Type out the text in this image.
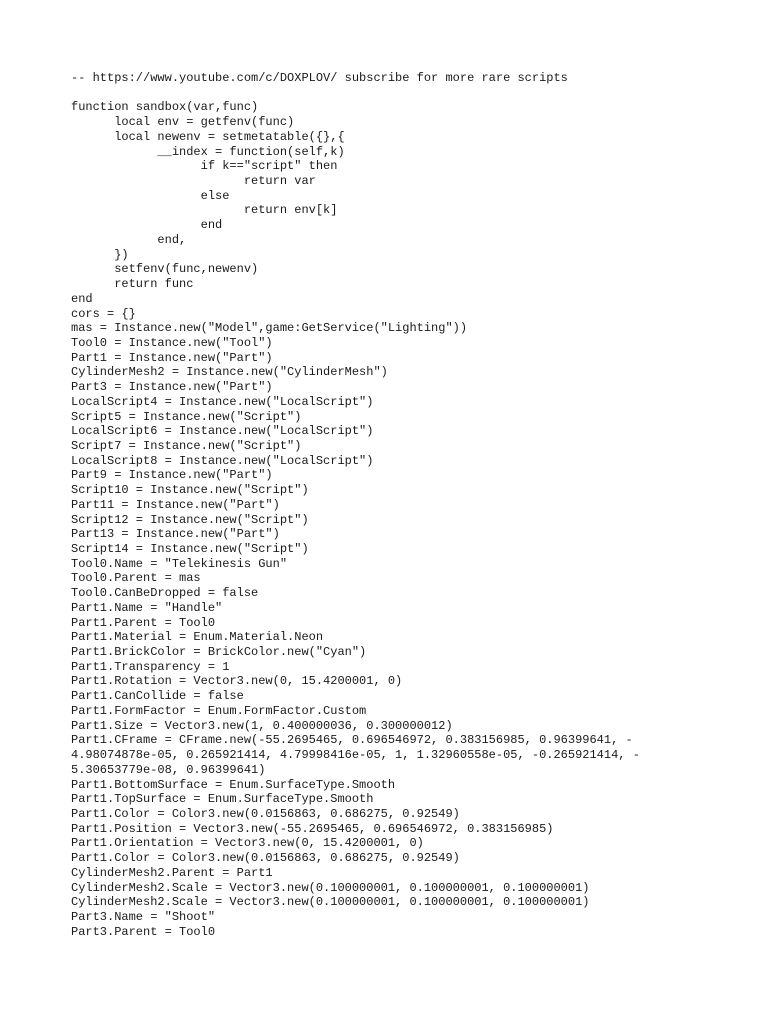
-- https://www.youtube.com/c/DOXPLOV/ subscribe for more rare scripts
function sandbox(var,func)
local env = getfenv(func)
local newenv = setmetatable({},{
__index = function(self,k)
if k=="script" then
return var
else
return env[k]
end
end,
})
setfenv(func,newenv)
return func
end
cors = {}
mas = Instance.new("Model",game:GetService("Lighting"))
Tool0 = Instance.new("Tool")
Part1 = Instance.new("Part")
CylinderMesh2 = Instance.new("CylinderMesh")
Part3 = Instance.new("Part")
LocalScript4 = Instance.new("LocalScript")
Script5 = Instance.new("Script")
LocalScript6 = Instance.new("LocalScript")
Script7 = Instance.new("Script")
LocalScript8 = Instance.new("LocalScript")
Part9 = Instance.new("Part")
Script10 = Instance.new("Script")
Part11 = Instance.new("Part")
Script12 = Instance.new("Script")
Part13 = Instance.new("Part")
Script14 = Instance.new("Script")
Tool0.Name = "Telekinesis Gun"
Tool0.Parent = mas
Tool0.CanBeDropped = false
Part1.Name = "Handle"
Part1.Parent = Tool0
Part1.Material = Enum.Material.Neon
Part1.BrickColor = BrickColor.new("Cyan")
Part1.Transparency = 1
Part1.Rotation = Vector3.new(0, 15.4200001, 0)
Part1.CanCollide = false
Part1.FormFactor = Enum.FormFactor.Custom
Part1.Size = Vector3.new(1, 0.400000036, 0.300000012)
Part1.CFrame = CFrame.new(-55.2695465, 0.696546972, 0.383156985, 0.96399641, -
4.98074878e-05, 0.265921414, 4.79998416e-05, 1, 1.32960558e-05, -0.265921414, -
5.30653779e-08, 0.96399641)
Part1.BottomSurface = Enum.SurfaceType.Smooth
Part1.TopSurface = Enum.SurfaceType.Smooth
Part1.Color = Color3.new(0.0156863, 0.686275, 0.92549)
Part1.Position = Vector3.new(-55.2695465, 0.696546972, 0.383156985)
Part1.Orientation = Vector3.new(0, 15.4200001, 0)
Part1.Color = Color3.new(0.0156863, 0.686275, 0.92549)
CylinderMesh2.Parent = Part1
CylinderMesh2.Scale = Vector3.new(0.100000001, 0.100000001, 0.100000001)
CylinderMesh2.Scale = Vector3.new(0.100000001, 0.100000001, 0.100000001)
Part3.Name = "Shoot"
Part3.Parent = Tool0
